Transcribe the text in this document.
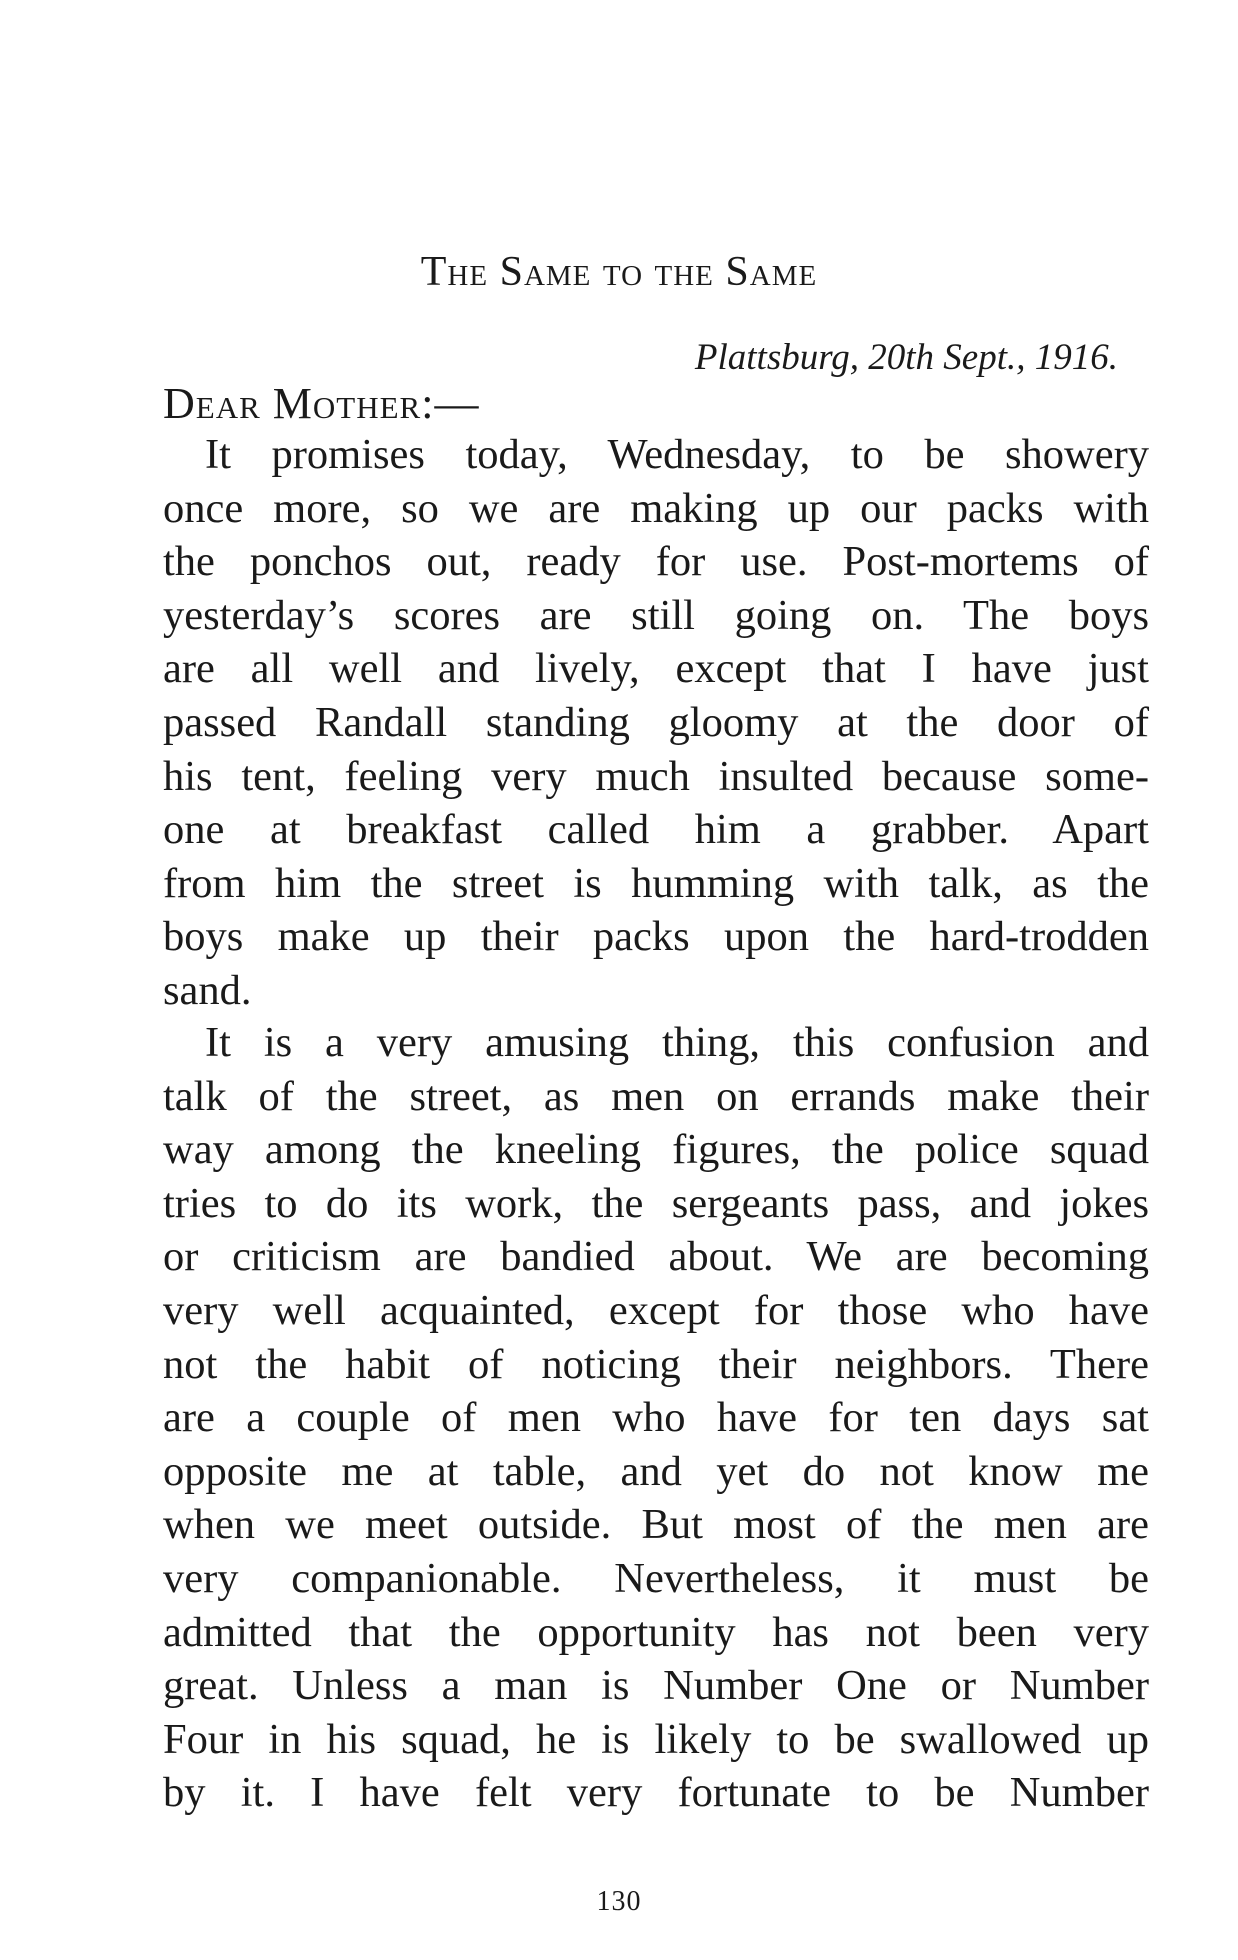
The Same to the Same
Plattsburg, 20th Sept., 1916.
Dear Mother:—
It promises today, Wednesday, to be showery
once more, so we are making up our packs with
the ponchos out, ready for use. Post-mortems of
yesterday’s scores are still going on. The boys
are all well and lively, except that I have just
passed Randall standing gloomy at the door of
his tent, feeling very much insulted because some-
one at breakfast called him a grabber. Apart
from him the street is humming with talk, as the
boys make up their packs upon the hard-trodden
sand.
It is a very amusing thing, this confusion and
talk of the street, as men on errands make their
way among the kneeling figures, the police squad
tries to do its work, the sergeants pass, and jokes
or criticism are bandied about. We are becoming
very well acquainted, except for those who have
not the habit of noticing their neighbors. There
are a couple of men who have for ten days sat
opposite me at table, and yet do not know me
when we meet outside. But most of the men are
very companionable. Nevertheless, it must be
admitted that the opportunity has not been very
great. Unless a man is Number One or Number
Four in his squad, he is likely to be swallowed up
by it. I have felt very fortunate to be Number
130
